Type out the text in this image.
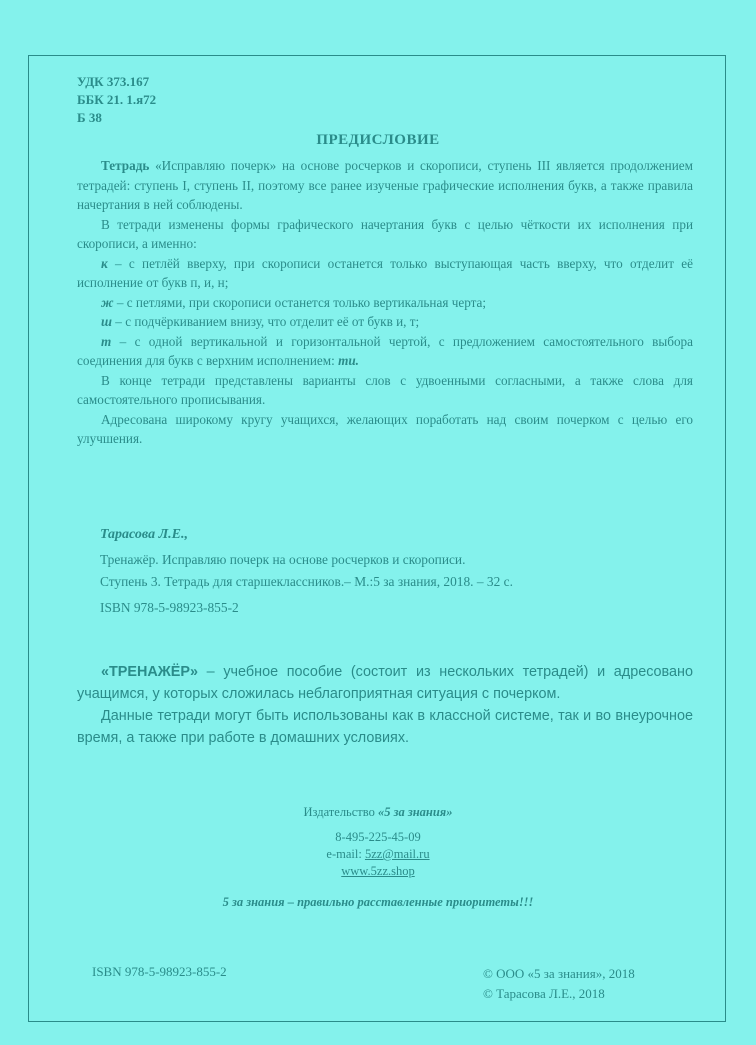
УДК 373.167
ББК 21. 1.я72
Б 38
ПРЕДИСЛОВИЕ

Тетрадь «Исправляю почерк» на основе росчерков и скорописи, ступень III является продолжением тетрадей: ступень I, ступень II, поэтому все ранее изученые графические исполнения букв, а также правила начертания в ней соблюдены.

В тетради изменены формы графического начертания букв с целью чёткости их исполнения при скорописи, а именно:

к – с петлёй вверху, при скорописи останется только выступающая часть вверху, что отделит её исполнение от букв п, и, н;

ж – с петлями, при скорописи останется только вертикальная черта;

ш – с подчёркиванием внизу, что отделит её от букв и, т;

т – с одной вертикальной и горизонтальной чертой, с предложением самостоятельного выбора соединения для букв с верхним исполнением: ти.

В конце тетради представлены варианты слов с удвоенными согласными, а также слова для самостоятельного прописывания.

Адресована широкому кругу учащихся, желающих поработать над своим почерком с целью его улучшения.

Тарасова Л.Е.,
Тренажёр. Исправляю почерк на основе росчерков и скорописи.
Ступень 3. Тетрадь для старшеклассников.– М.:5 за знания, 2018. – 32 с.
ISBN 978-5-98923-855-2

«ТРЕНАЖЁР» – учебное пособие (состоит из нескольких тетрадей) и адресовано учащимся, у которых сложилась неблагоприятная ситуация с почерком.

Данные тетради могут быть использованы как в классной системе, так и во внеурочное время, а также при работе в домашних условиях.

Издательство «5 за знания»
8-495-225-45-09
e-mail: 5zz@mail.ru
www.5zz.shop
5 за знания – правильно расставленные приоритеты!!!
ISBN 978-5-98923-855-2	© ООО «5 за знания», 2018
© Тарасова Л.Е., 2018
